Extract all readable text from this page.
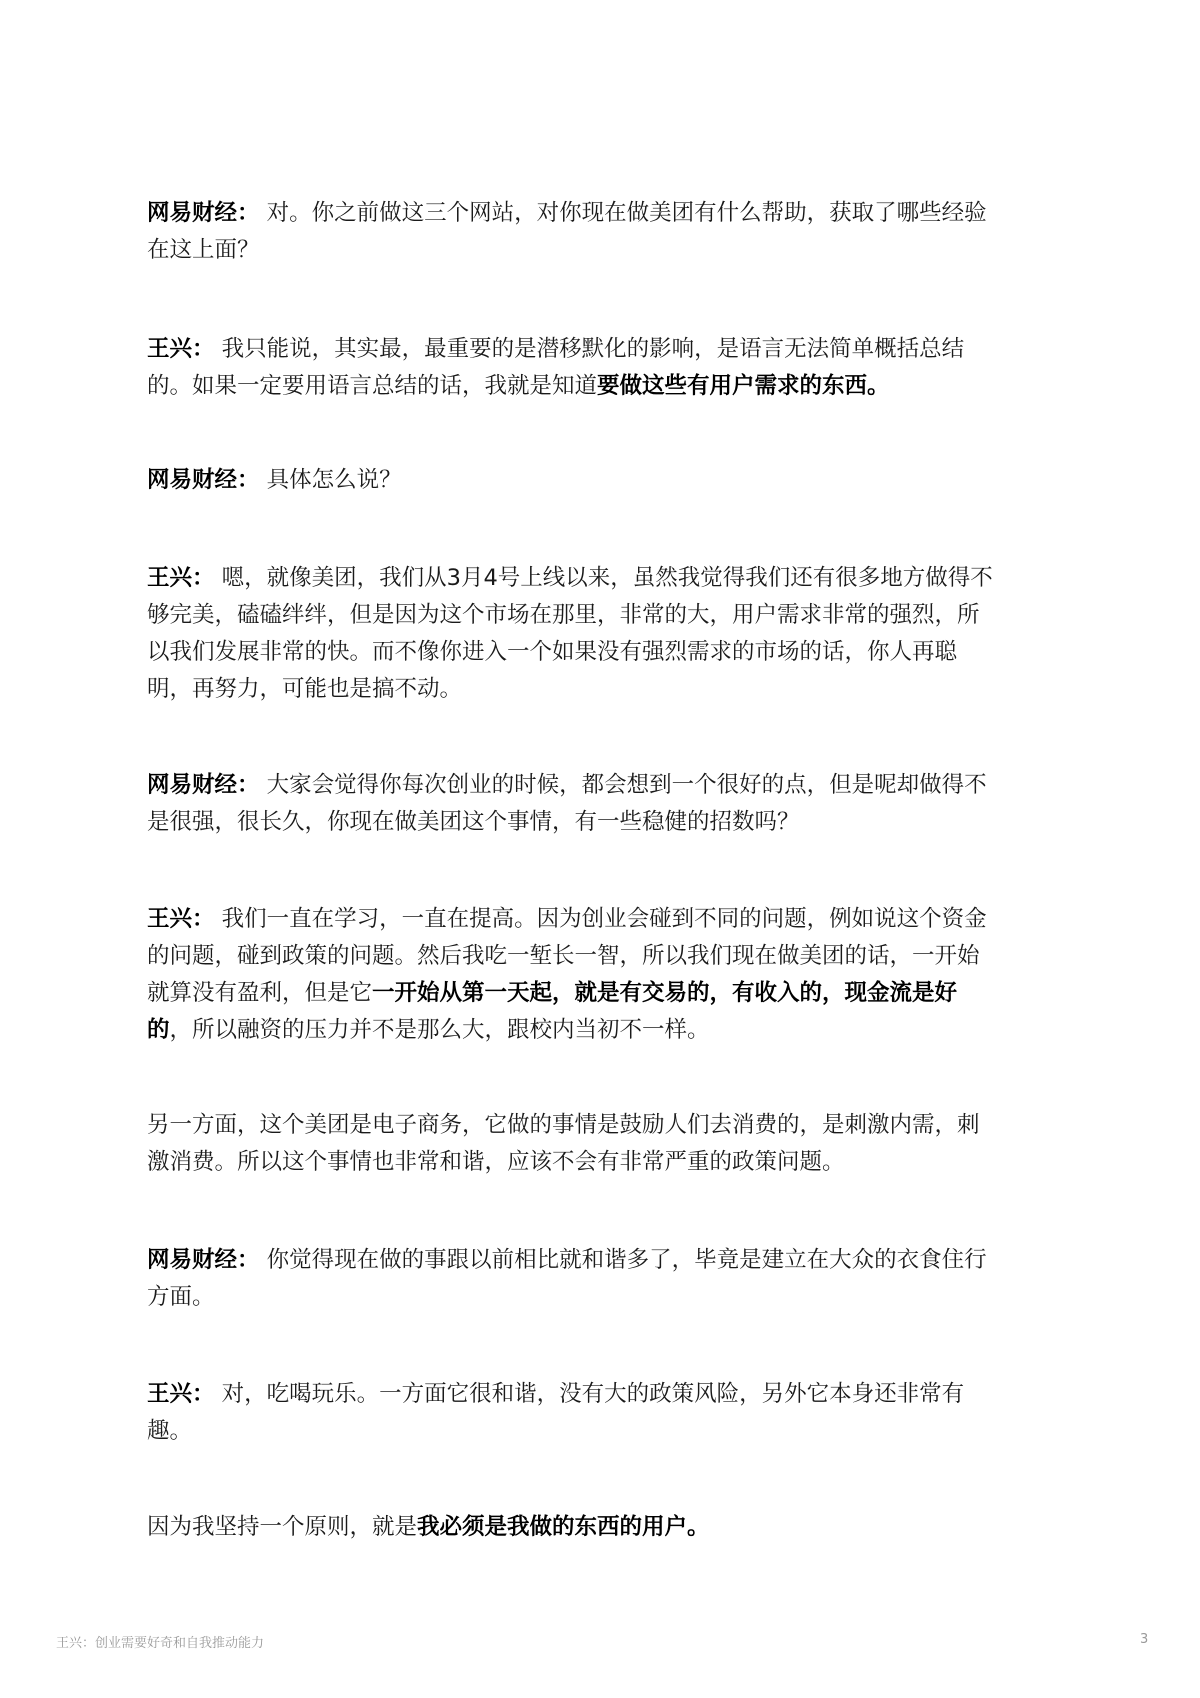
网易财经： 对。你之前做这三个网站，对你现在做美团有什么帮助，获取了哪些经验
在这上面？
王兴： 我只能说，其实最，最重要的是潜移默化的影响，是语言无法简单概括总结
的。如果一定要用语言总结的话，我就是知道要做这些有用户需求的东西。
网易财经： 具体怎么说？
王兴： 嗯，就像美团，我们从3月4号上线以来，虽然我觉得我们还有很多地方做得不
够完美，磕磕绊绊，但是因为这个市场在那里，非常的大，用户需求非常的强烈，所
以我们发展非常的快。而不像你进入一个如果没有强烈需求的市场的话，你人再聪
明，再努力，可能也是搞不动。
网易财经： 大家会觉得你每次创业的时候，都会想到一个很好的点，但是呢却做得不
是很强，很长久，你现在做美团这个事情，有一些稳健的招数吗？
王兴： 我们一直在学习，一直在提高。因为创业会碰到不同的问题，例如说这个资金
的问题，碰到政策的问题。然后我吃一堑长一智，所以我们现在做美团的话，一开始
就算没有盈利，但是它一开始从第一天起，就是有交易的，有收入的，现金流是好
的，所以融资的压力并不是那么大，跟校内当初不一样。
另一方面，这个美团是电子商务，它做的事情是鼓励人们去消费的，是刺激内需，刺
激消费。所以这个事情也非常和谐，应该不会有非常严重的政策问题。
网易财经： 你觉得现在做的事跟以前相比就和谐多了，毕竟是建立在大众的衣食住行
方面。
王兴： 对，吃喝玩乐。一方面它很和谐，没有大的政策风险，另外它本身还非常有
趣。
因为我坚持一个原则，就是我必须是我做的东西的用户。
王兴：创业需要好奇和自我推动能力	3
